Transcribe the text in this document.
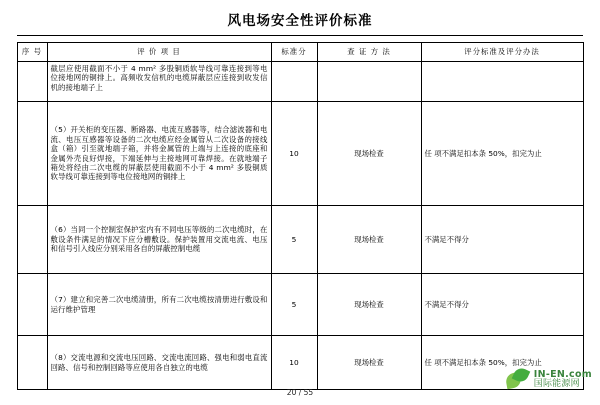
风电场安全性评价标准
序 号	评 价 项 目	标准分	查 证 方 法	评分标准及评分办法
	截层应使用截面不小于 4 mm² 多股铜质软导线可靠连接到等电位接地网的铜排上。高频收发信机的电缆屏蔽层应连接到收发信机的接地端子上			
	（5）开关柜的变压器、断路器、电流互感器等，结合滤波器和电流、电压互感器等设备的二次电缆应经金属管从二次设备的接线盒（箱）引至就地端子箱，并将金属管的上端与上连接的底座和金属外壳良好焊接，下端延伸与主接地网可靠焊接。在就地端子箱处将经由二次电缆的屏蔽层使用截面不小于 4 mm² 多股铜质软导线可靠连接到等电位接地网的铜排上	10	现场检查	任 项不满足扣本条 50%，扣完为止
	（6）当同一个控制室保护室内有不同电压等级的二次电缆时，在敷设条件满足的情况下应分槽敷设。保护装置用交流电流、电压和信号引入线应分别采用各自的屏蔽控制电缆	5	现场检查	不满足不得分
	（7）建立和完善二次电缆清册，所有二次电缆按清册进行敷设和运行维护管理	5	现场检查	不满足不得分
	（8）交流电源和交流电压回路、交流电流回路、强电和弱电直流回路、信号和控制回路等应使用各自独立的电缆	10	现场检查	任 项不满足扣本条 50%，扣完为止
20 / 55
IN-EN.com
国际能源网
